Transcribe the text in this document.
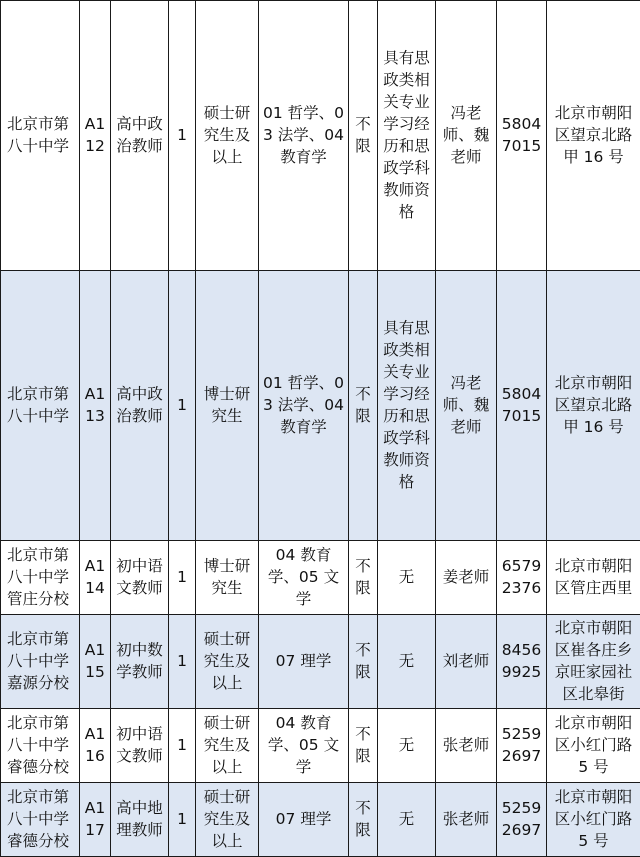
北京市第八十中学	A112	高中政治教师	1	硕士研究生及以上	01 哲学、03 法学、04 教育学	不限	具有思政类相关专业学习经历和思政学科教师资格	冯老师、魏老师	58047015	北京市朝阳区望京北路甲 16 号
北京市第八十中学	A113	高中政治教师	1	博士研究生	01 哲学、03 法学、04 教育学	不限	具有思政类相关专业学习经历和思政学科教师资格	冯老师、魏老师	58047015	北京市朝阳区望京北路甲 16 号
北京市第八十中学管庄分校	A114	初中语文教师	1	博士研究生	04 教育学、05 文学	不限	无	姜老师	65792376	北京市朝阳区管庄西里
北京市第八十中学嘉源分校	A115	初中数学教师	1	硕士研究生及以上	07 理学	不限	无	刘老师	84569925	北京市朝阳区崔各庄乡京旺家园社区北皋街
北京市第八十中学睿德分校	A116	初中语文教师	1	硕士研究生及以上	04 教育学、05 文学	不限	无	张老师	52592697	北京市朝阳区小红门路 5 号
北京市第八十中学睿德分校	A117	高中地理教师	1	硕士研究生及以上	07 理学	不限	无	张老师	52592697	北京市朝阳区小红门路 5 号
